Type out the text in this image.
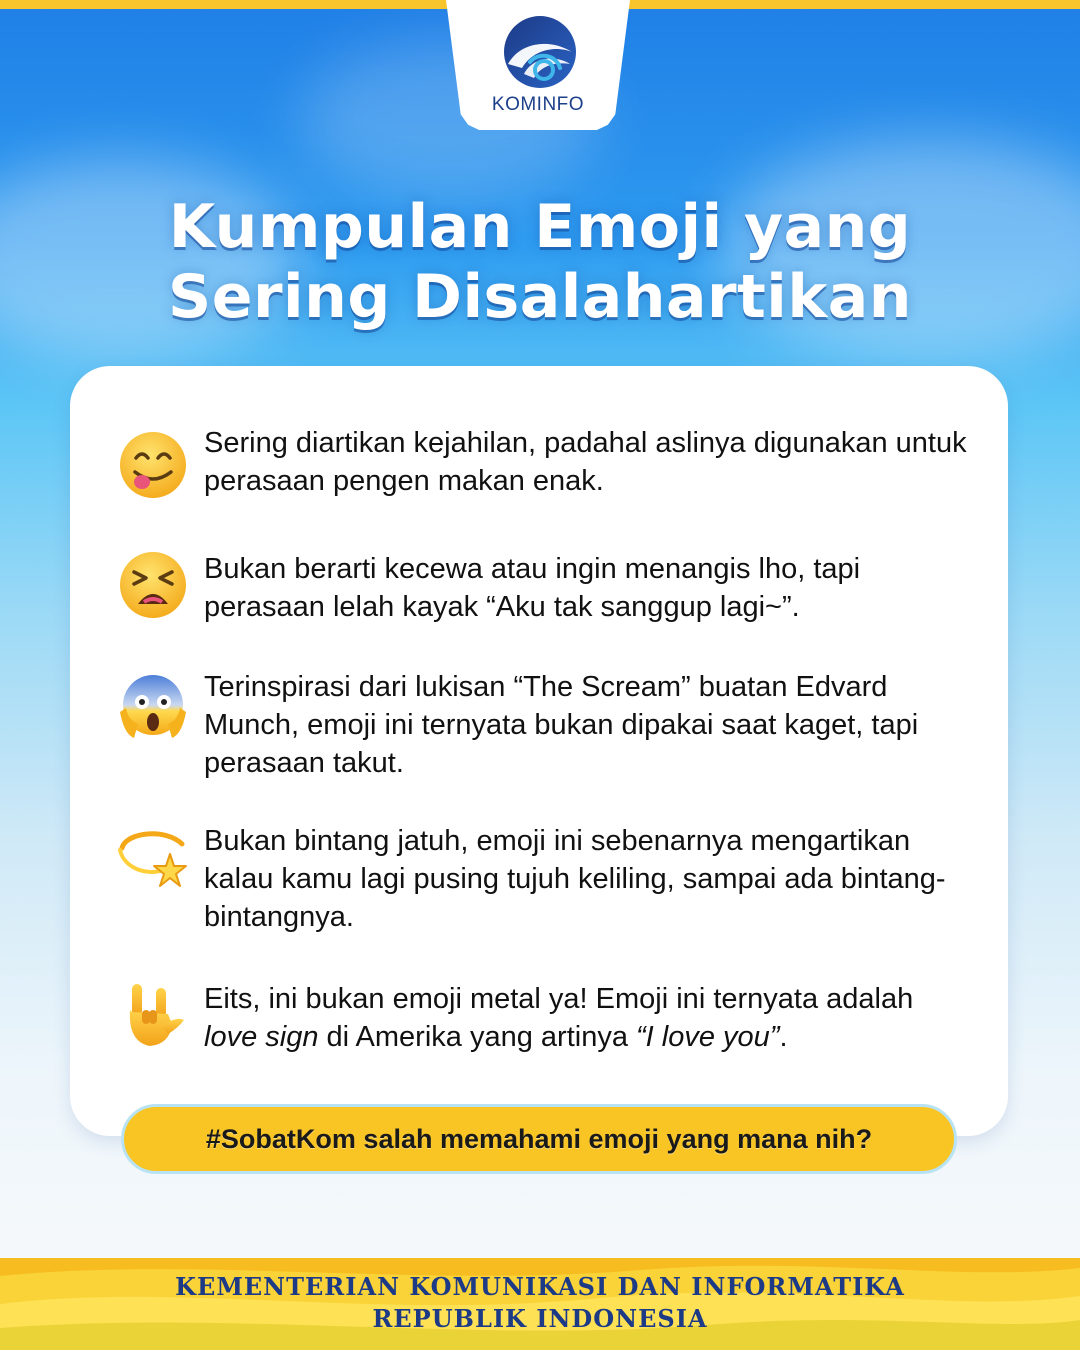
KOMINFO
Kumpulan Emoji yang
Sering Disalahartikan
Sering diartikan kejahilan, padahal aslinya digunakan untuk perasaan pengen makan enak.
Bukan berarti kecewa atau ingin menangis lho, tapi perasaan lelah kayak “Aku tak sanggup lagi~”.
Terinspirasi dari lukisan “The Scream” buatan Edvard Munch, emoji ini ternyata bukan dipakai saat kaget, tapi perasaan takut.
Bukan bintang jatuh, emoji ini sebenarnya mengartikan kalau kamu lagi pusing tujuh keliling, sampai ada bintang-bintangnya.
Eits, ini bukan emoji metal ya! Emoji ini ternyata adalah love sign di Amerika yang artinya “I love you”.
#SobatKom salah memahami emoji yang mana nih?
KEMENTERIAN KOMUNIKASI DAN INFORMATIKA
REPUBLIK INDONESIA
